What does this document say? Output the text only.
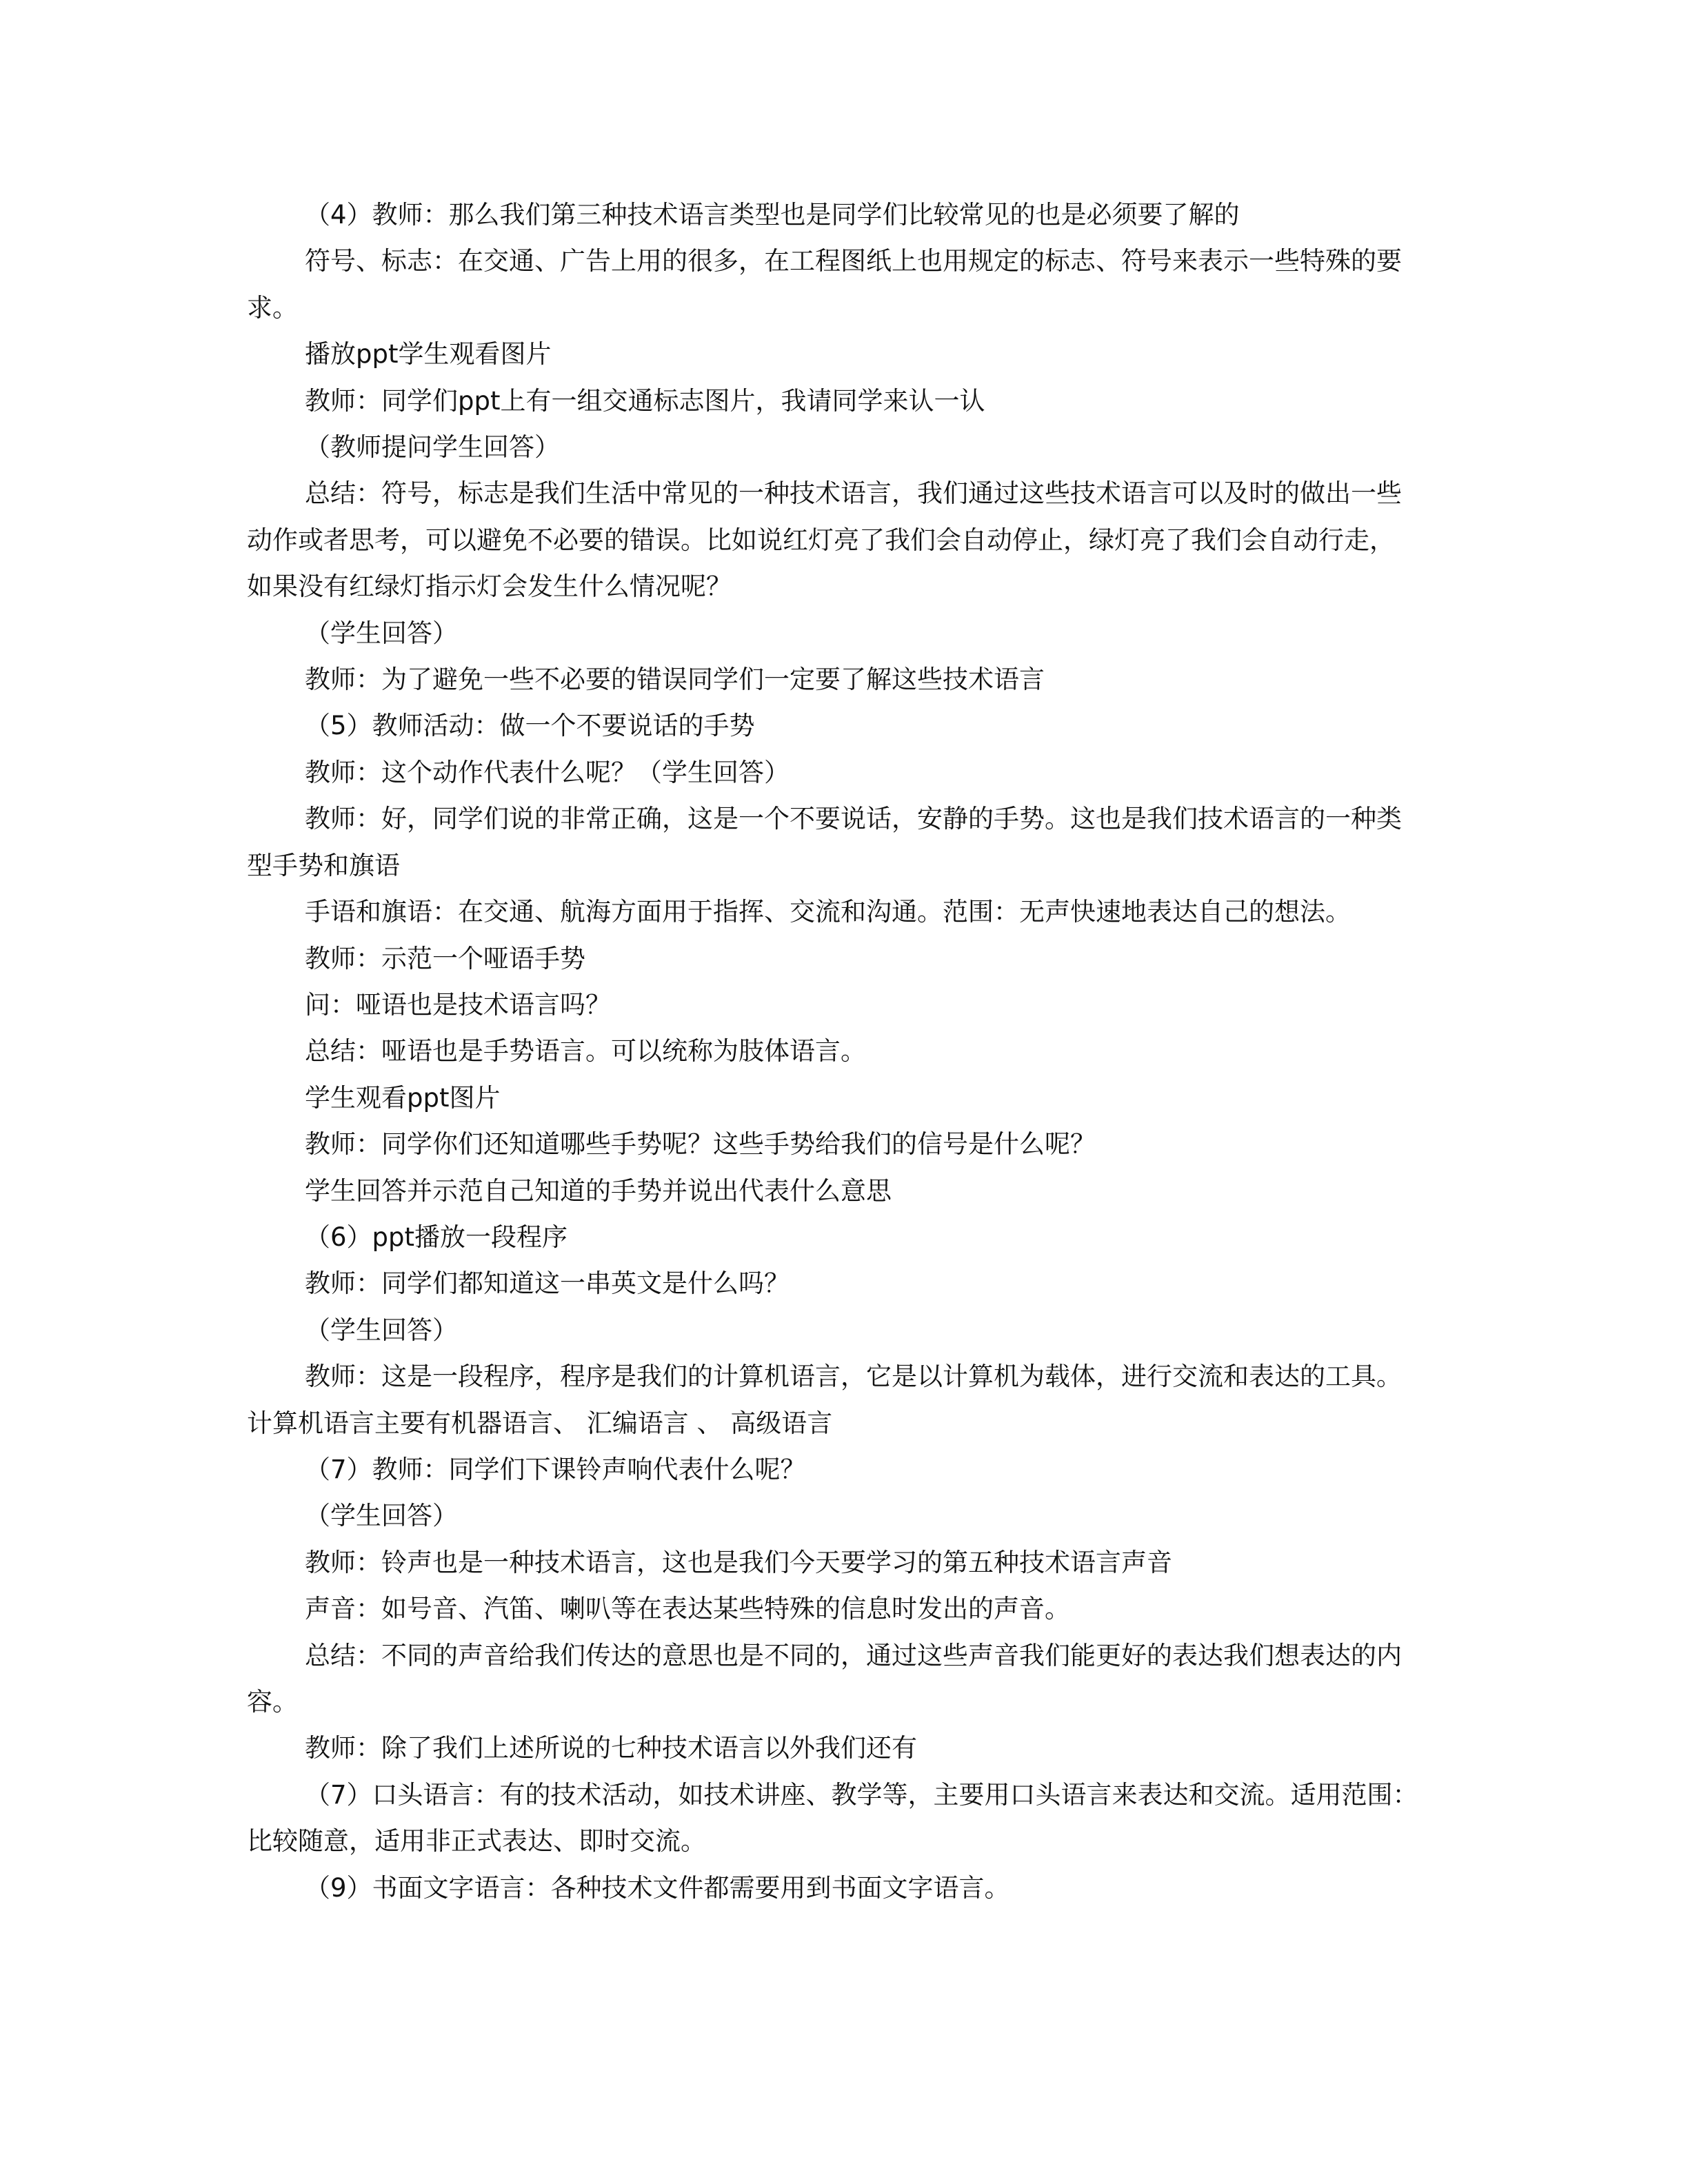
（4）教师：那么我们第三种技术语言类型也是同学们比较常见的也是必须要了解的

符号、标志：在交通、广告上用的很多，在工程图纸上也用规定的标志、符号来表示一些特殊的要求。

播放ppt学生观看图片

教师：同学们ppt上有一组交通标志图片，我请同学来认一认

（教师提问学生回答）

总结：符号，标志是我们生活中常见的一种技术语言，我们通过这些技术语言可以及时的做出一些动作或者思考，可以避免不必要的错误。比如说红灯亮了我们会自动停止，绿灯亮了我们会自动行走，如果没有红绿灯指示灯会发生什么情况呢？

（学生回答）

教师：为了避免一些不必要的错误同学们一定要了解这些技术语言

（5）教师活动：做一个不要说话的手势

教师：这个动作代表什么呢？（学生回答）

教师：好，同学们说的非常正确，这是一个不要说话，安静的手势。这也是我们技术语言的一种类型手势和旗语

手语和旗语：在交通、航海方面用于指挥、交流和沟通。范围：无声快速地表达自己的想法。

教师：示范一个哑语手势

问：哑语也是技术语言吗？

总结：哑语也是手势语言。可以统称为肢体语言。

学生观看ppt图片

教师：同学你们还知道哪些手势呢？这些手势给我们的信号是什么呢？

学生回答并示范自己知道的手势并说出代表什么意思

（6）ppt播放一段程序

教师：同学们都知道这一串英文是什么吗？

（学生回答）

教师：这是一段程序，程序是我们的计算机语言，它是以计算机为载体，进行交流和表达的工具。计算机语言主要有机器语言、 汇编语言 、 高级语言

（7）教师：同学们下课铃声响代表什么呢？

（学生回答）

教师：铃声也是一种技术语言，这也是我们今天要学习的第五种技术语言声音

声音：如号音、汽笛、喇叭等在表达某些特殊的信息时发出的声音。

总结：不同的声音给我们传达的意思也是不同的，通过这些声音我们能更好的表达我们想表达的内容。

教师：除了我们上述所说的七种技术语言以外我们还有

（7）口头语言：有的技术活动，如技术讲座、教学等，主要用口头语言来表达和交流。适用范围：比较随意，适用非正式表达、即时交流。

（9）书面文字语言：各种技术文件都需要用到书面文字语言。
